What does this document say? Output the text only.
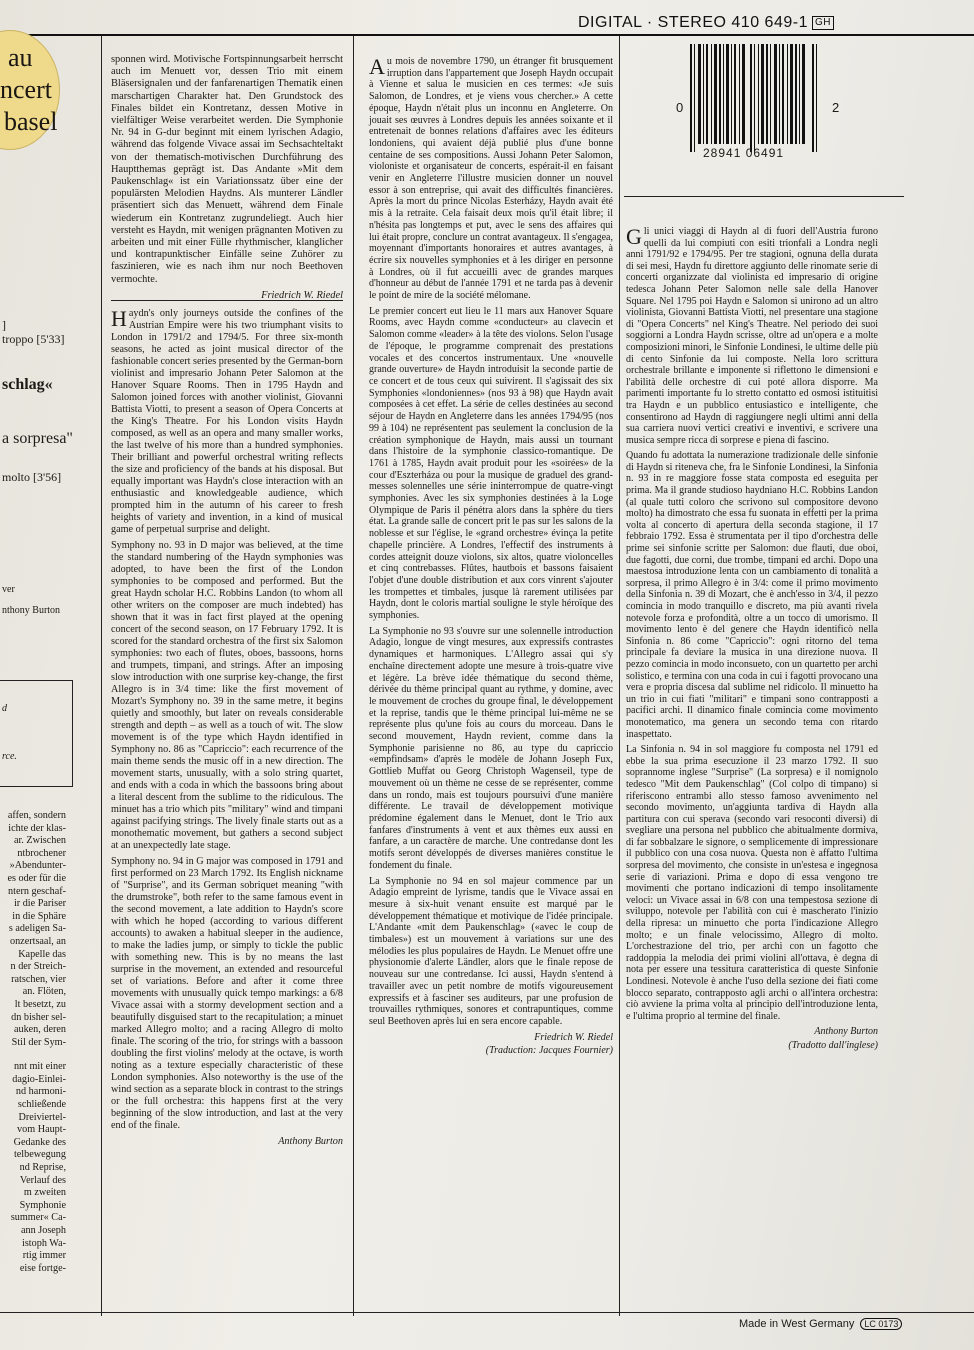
DIGITAL · STEREO 410 649-1 GH
au
ncert
basel
]
troppo [5'33]
schlag«
a sorpresa"
molto [3'56]
ver
nthony Burton
d
rce.
affen, sondern
ichte der klas-
ar. Zwischen
ntbrochener
»Abendunter-
es oder für die
ntern geschaf-
ir die Pariser
in die Sphäre
s adeligen Sa-
onzertsaal, an
Kapelle das
n der Streich-
ratschen, vier
an. Flöten,
lt besetzt, zu
dn bisher sel-
auken, deren
Stil der Sym-
nnt mit einer
dagio-Einlei-
nd harmoni-
schließende
Dreiviertel-
vom Haupt-
Gedanke des
telbewegung
nd Reprise,
Verlauf des
m zweiten
Symphonie
summer« Ca-
ann Joseph
istoph Wa-
rtig immer
eise fortge-

sponnen wird. Motivische Fortspinnungsarbeit herrscht auch im Menuett vor, dessen Trio mit einem Bläsersignalen und der fanfarenartigen Thematik einen marschartigen Charakter hat. Den Grundstock des Finales bildet ein Kontretanz, dessen Motive in vielfältiger Weise verarbeitet werden. Die Symphonie Nr. 94 in G-dur beginnt mit einem lyrischen Adagio, während das folgende Vivace assai im Sechsachteltakt von der thematisch-motivischen Durchführung des Hauptthemas geprägt ist. Das Andante »Mit dem Paukenschlag« ist ein Variationssatz über eine der populärsten Melodien Haydns. Als munterer Ländler präsentiert sich das Menuett, während dem Finale wiederum ein Kontretanz zugrundeliegt. Auch hier versteht es Haydn, mit wenigen prägnanten Motiven zu arbeiten und mit einer Fülle rhythmischer, klanglicher und kontrapunktischer Einfälle seine Zuhörer zu faszinieren, wie es nach ihm nur noch Beethoven vermochte.

Friedrich W. Riedel

Haydn's only journeys outside the confines of the Austrian Empire were his two triumphant visits to London in 1791/2 and 1794/5. For three six-month seasons, he acted as joint musical director of the fashionable concert series presented by the German-born violinist and impresario Johann Peter Salomon at the Hanover Square Rooms. Then in 1795 Haydn and Salomon joined forces with another violinist, Giovanni Battista Viotti, to present a season of Opera Concerts at the King's Theatre. For his London visits Haydn composed, as well as an opera and many smaller works, the last twelve of his more than a hundred symphonies. Their brilliant and powerful orchestral writing reflects the size and proficiency of the bands at his disposal. But equally important was Haydn's close interaction with an enthusiastic and knowledgeable audience, which prompted him in the autumn of his career to fresh heights of variety and invention, in a kind of musical game of perpetual surprise and delight.

Symphony no. 93 in D major was believed, at the time the standard numbering of the Haydn symphonies was adopted, to have been the first of the London symphonies to be composed and performed. But the great Haydn scholar H.C. Robbins Landon (to whom all other writers on the composer are much indebted) has shown that it was in fact first played at the opening concert of the second season, on 17 February 1792. It is scored for the standard orchestra of the first six Salomon symphonies: two each of flutes, oboes, bassoons, horns and trumpets, timpani, and strings. After an imposing slow introduction with one surprise key-change, the first Allegro is in 3/4 time: like the first movement of Mozart's Symphony no. 39 in the same metre, it begins quietly and smoothly, but later on reveals considerable strength and depth – as well as a touch of wit. The slow movement is of the type which Haydn identified in Symphony no. 86 as "Capriccio": each recurrence of the main theme sends the music off in a new direction. The movement starts, unusually, with a solo string quartet, and ends with a coda in which the bassoons bring about a literal descent from the sublime to the ridiculous. The minuet has a trio which pits "military" wind and timpani against pacifying strings. The lively finale starts out as a monothematic movement, but gathers a second subject at an unexpectedly late stage.

Symphony no. 94 in G major was composed in 1791 and first performed on 23 March 1792. Its English nickname of "Surprise", and its German sobriquet meaning "with the drumstroke", both refer to the same famous event in the second movement, a late addition to Haydn's score with which he hoped (according to various different accounts) to awaken a habitual sleeper in the audience, to make the ladies jump, or simply to tickle the public with something new. This is by no means the last surprise in the movement, an extended and resourceful set of variations. Before and after it come three movements with unusually quick tempo markings: a 6/8 Vivace assai with a stormy development section and a beautifully disguised start to the recapitulation; a minuet marked Allegro molto; and a racing Allegro di molto finale. The scoring of the trio, for strings with a bassoon doubling the first violins' melody at the octave, is worth noting as a texture especially characteristic of these London symphonies. Also noteworthy is the use of the wind section as a separate block in contrast to the strings or the full orchestra: this happens first at the very beginning of the slow introduction, and last at the very end of the finale.

Anthony Burton

Au mois de novembre 1790, un étranger fit brusquement irruption dans l'appartement que Joseph Haydn occupait à Vienne et salua le musicien en ces termes: «Je suis Salomon, de Londres, et je viens vous chercher.» A cette époque, Haydn n'était plus un inconnu en Angleterre. On jouait ses œuvres à Londres depuis les années soixante et il entretenait de bonnes relations d'affaires avec les éditeurs londoniens, qui avaient déjà publié plus d'une bonne centaine de ses compositions. Aussi Johann Peter Salomon, violoniste et organisateur de concerts, espérait-il en faisant venir en Angleterre l'illustre musicien donner un nouvel essor à son entreprise, qui avait des difficultés financières. Après la mort du prince Nicolas Esterházy, Haydn avait été mis à la retraite. Cela faisait deux mois qu'il était libre; il n'hésita pas longtemps et put, avec le sens des affaires qui lui était propre, conclure un contrat avantageux. Il s'engagea, moyennant d'importants honoraires et autres avantages, à écrire six nouvelles symphonies et à les diriger en personne à Londres, où il fut accueilli avec de grandes marques d'honneur au début de l'année 1791 et ne tarda pas à devenir le point de mire de la société mélomane.

Le premier concert eut lieu le 11 mars aux Hanover Square Rooms, avec Haydn comme «conducteur» au clavecin et Salomon comme «leader» à la tête des violons. Selon l'usage de l'époque, le programme comprenait des prestations vocales et des concertos instrumentaux. Une «nouvelle grande ouverture» de Haydn introduisit la seconde partie de ce concert et de tous ceux qui suivirent. Il s'agissait des six Symphonies «londoniennes» (nos 93 à 98) que Haydn avait composées à cet effet. La série de celles destinées au second séjour de Haydn en Angleterre dans les années 1794/95 (nos 99 à 104) ne représentent pas seulement la conclusion de la création symphonique de Haydn, mais aussi un tournant dans l'histoire de la symphonie classico-romantique. De 1761 à 1785, Haydn avait produit pour les «soirées» de la cour d'Eszterháza ou pour la musique de graduel des grand-messes solennelles une série ininterrompue de quatre-vingt symphonies. Avec les six symphonies destinées à la Loge Olympique de Paris il pénétra alors dans la sphère du tiers état. La grande salle de concert prit le pas sur les salons de la noblesse et sur l'église, le «grand orchestre» évinça la petite chapelle princière. A Londres, l'effectif des instruments à cordes atteignit douze violons, six altos, quatre violoncelles et cinq contrebasses. Flûtes, hautbois et bassons faisaient l'objet d'une double distribution et aux cors vinrent s'ajouter les trompettes et timbales, jusque là rarement utilisées par Haydn, dont le coloris martial souligne le style héroïque des symphonies.

La Symphonie no 93 s'ouvre sur une solennelle introduction Adagio, longue de vingt mesures, aux expressifs contrastes dynamiques et harmoniques. L'Allegro assai qui s'y enchaîne directement adopte une mesure à trois-quatre vive et légère. La brève idée thématique du second thème, dérivée du thème principal quant au rythme, y domine, avec le mouvement de croches du groupe final, le développement et la reprise, tandis que le thème principal lui-même ne se représente plus qu'une fois au cours du morceau. Dans le second mouvement, Haydn revient, comme dans la Symphonie parisienne no 86, au type du capriccio «empfindsam» d'après le modèle de Johann Joseph Fux, Gottlieb Muffat ou Georg Christoph Wagenseil, type de mouvement où un thème ne cesse de se représenter, comme dans un rondo, mais est toujours poursuivi d'une manière différente. Le travail de développement motivique prédomine également dans le Menuet, dont le Trio aux fanfares d'instruments à vent et aux thèmes eux aussi en fanfare, a un caractère de marche. Une contredanse dont les motifs seront développés de diverses manières constitue le fondement du finale.

La Symphonie no 94 en sol majeur commence par un Adagio empreint de lyrisme, tandis que le Vivace assai en mesure à six-huit venant ensuite est marqué par le développement thématique et motivique de l'idée principale. L'Andante «mit dem Paukenschlag» («avec le coup de timbales») est un mouvement à variations sur une des mélodies les plus populaires de Haydn. Le Menuet offre une physionomie d'alerte Ländler, alors que le finale repose de nouveau sur une contredanse. Ici aussi, Haydn s'entend à travailler avec un petit nombre de motifs vigoureusement expressifs et à fasciner ses auditeurs, par une profusion de trouvailles rythmiques, sonores et contrapuntiques, comme seul Beethoven après lui en sera encore capable.

Friedrich W. Riedel
(Traduction: Jacques Fournier)
0	2
28941 06491

Gli unici viaggi di Haydn al di fuori dell'Austria furono quelli da lui compiuti con esiti trionfali a Londra negli anni 1791/92 e 1794/95. Per tre stagioni, ognuna della durata di sei mesi, Haydn fu direttore aggiunto delle rinomate serie di concerti organizzate dal violinista ed impresario di origine tedesca Johann Peter Salomon nelle sale della Hanover Square. Nel 1795 poi Haydn e Salomon si unirono ad un altro violinista, Giovanni Battista Viotti, nel presentare una stagione di "Opera Concerts" nel King's Theatre. Nel periodo dei suoi soggiorni a Londra Haydn scrisse, oltre ad un'opera e a molte composizioni minori, le Sinfonie Londinesi, le ultime delle più di cento Sinfonie da lui composte. Nella loro scrittura orchestrale brillante e imponente si riflettono le dimensioni e l'abilità delle orchestre di cui poté allora disporre. Ma parimenti importante fu lo stretto contatto ed osmosi istituitisi tra Haydn e un pubblico entusiastico e intelligente, che consentirono ad Haydn di raggiungere negli ultimi anni della sua carriera nuovi vertici creativi e inventivi, e scrivere una musica sempre ricca di sorprese e piena di fascino.

Quando fu adottata la numerazione tradizionale delle sinfonie di Haydn si riteneva che, fra le Sinfonie Londinesi, la Sinfonia n. 93 in re maggiore fosse stata composta ed eseguita per prima. Ma il grande studioso haydniano H.C. Robbins Landon (al quale tutti coloro che scrivono sul compositore devono molto) ha dimostrato che essa fu suonata in effetti per la prima volta al concerto di apertura della seconda stagione, il 17 febbraio 1792. Essa è strumentata per il tipo d'orchestra delle prime sei sinfonie scritte per Salomon: due flauti, due oboi, due fagotti, due corni, due trombe, timpani ed archi. Dopo una maestosa introduzione lenta con un cambiamento di tonalità a sorpresa, il primo Allegro è in 3/4: come il primo movimento della Sinfonia n. 39 di Mozart, che è anch'esso in 3/4, il pezzo comincia in modo tranquillo e discreto, ma più avanti rivela notevole forza e profondità, oltre a un tocco di umorismo. Il movimento lento è del genere che Haydn identificò nella Sinfonia n. 86 come "Capriccio": ogni ritorno del tema principale fa deviare la musica in una direzione nuova. Il pezzo comincia in modo inconsueto, con un quartetto per archi solistico, e termina con una coda in cui i fagotti provocano una vera e propria discesa dal sublime nel ridicolo. Il minuetto ha un trio in cui fiati "militari" e timpani sono contrapposti a pacifici archi. Il dinamico finale comincia come movimento monotematico, ma genera un secondo tema con ritardo inaspettato.

La Sinfonia n. 94 in sol maggiore fu composta nel 1791 ed ebbe la sua prima esecuzione il 23 marzo 1792. Il suo soprannome inglese "Surprise" (La sorpresa) e il nomignolo tedesco "Mit dem Paukenschlag" (Col colpo di timpano) si riferiscono entrambi allo stesso famoso avvenimento nel secondo movimento, un'aggiunta tardiva di Haydn alla partitura con cui sperava (secondo vari resoconti diversi) di svegliare una persona nel pubblico che abitualmente dormiva, di far sobbalzare le signore, o semplicemente di impressionare il pubblico con una cosa nuova. Questa non è affatto l'ultima sorpresa del movimento, che consiste in un'estesa e ingegnosa serie di variazioni. Prima e dopo di essa vengono tre movimenti che portano indicazioni di tempo insolitamente veloci: un Vivace assai in 6/8 con una tempestosa sezione di sviluppo, notevole per l'abilità con cui è mascherato l'inizio della ripresa: un minuetto che porta l'indicazione Allegro molto; e un finale velocissimo, Allegro di molto. L'orchestrazione del trio, per archi con un fagotto che raddoppia la melodia dei primi violini all'ottava, è degna di nota per essere una tessitura caratteristica di queste Sinfonie Londinesi. Notevole è anche l'uso della sezione dei fiati come blocco separato, contrapposto agli archi o all'intera orchestra: ciò avviene la prima volta al principio dell'introduzione lenta, e l'ultima proprio al termine del finale.

Anthony Burton
(Tradotto dall'inglese)
Made in West Germany LC 0173
